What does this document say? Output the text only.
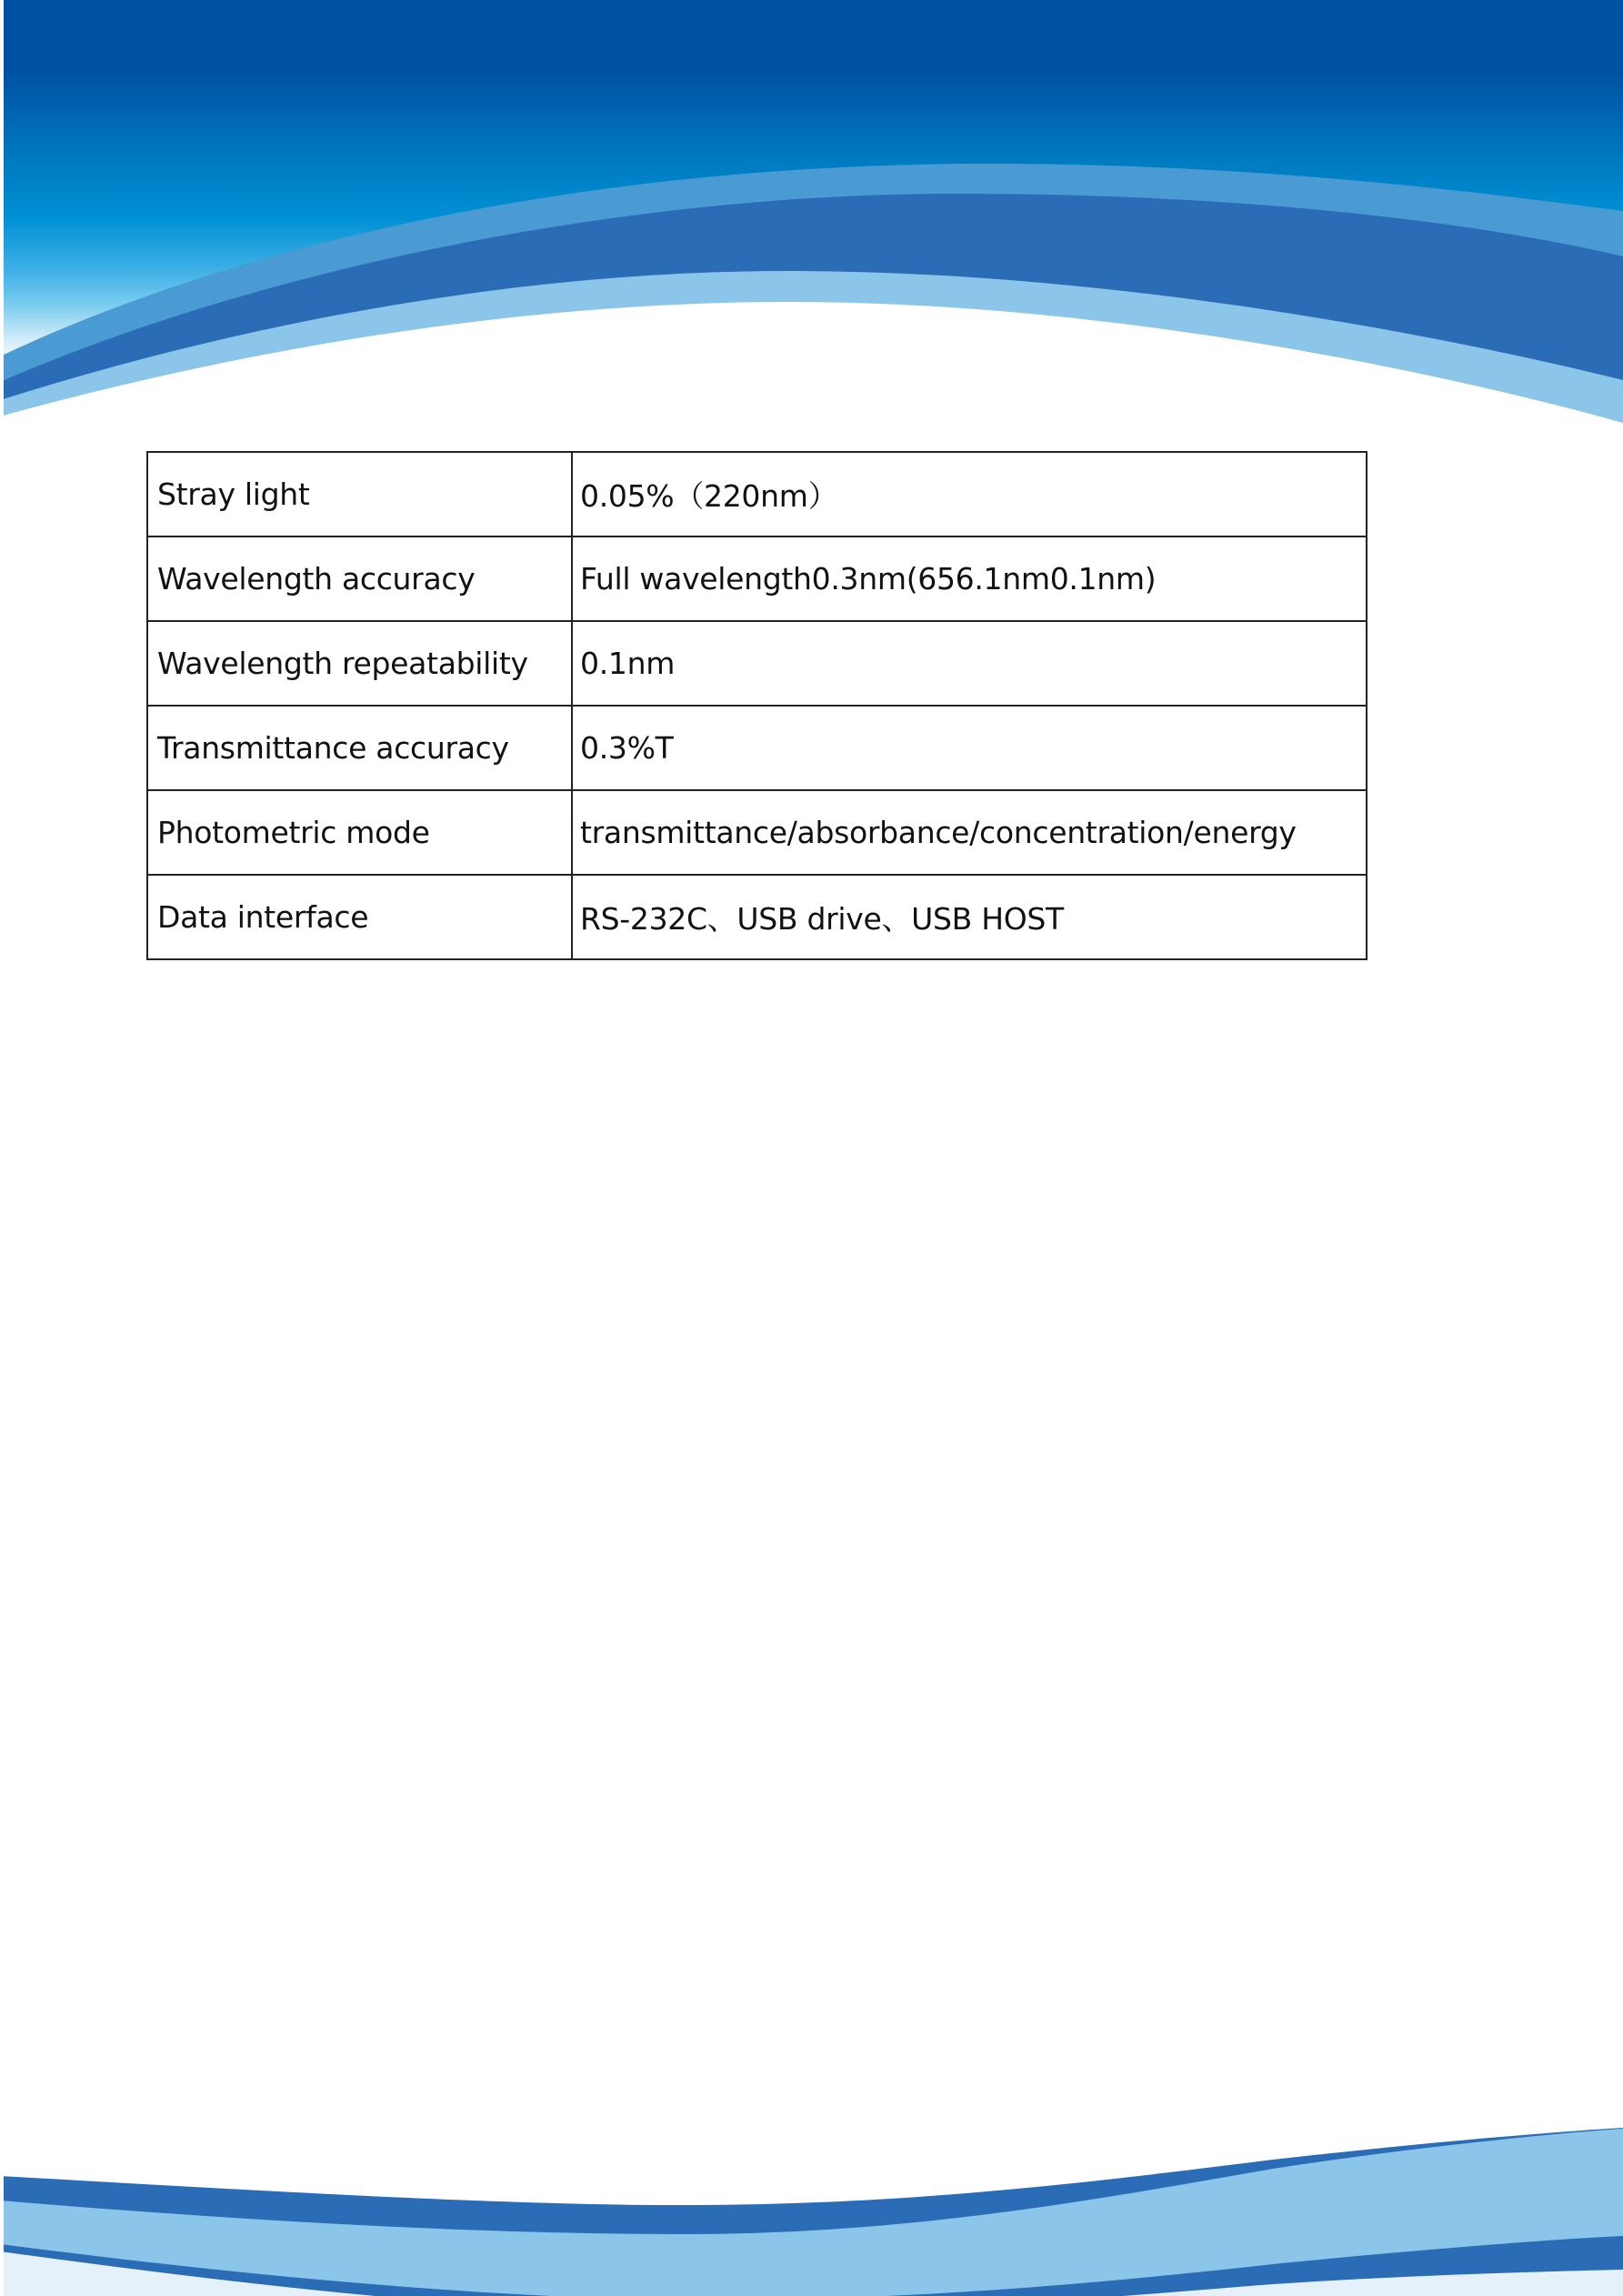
Stray light	0.05%（220nm）
Wavelength accuracy	Full wavelength0.3nm(656.1nm0.1nm)
Wavelength repeatability	0.1nm
Transmittance accuracy	0.3%T
Photometric mode	transmittance/absorbance/concentration/energy
Data interface	RS-232C、USB drive、USB HOST
